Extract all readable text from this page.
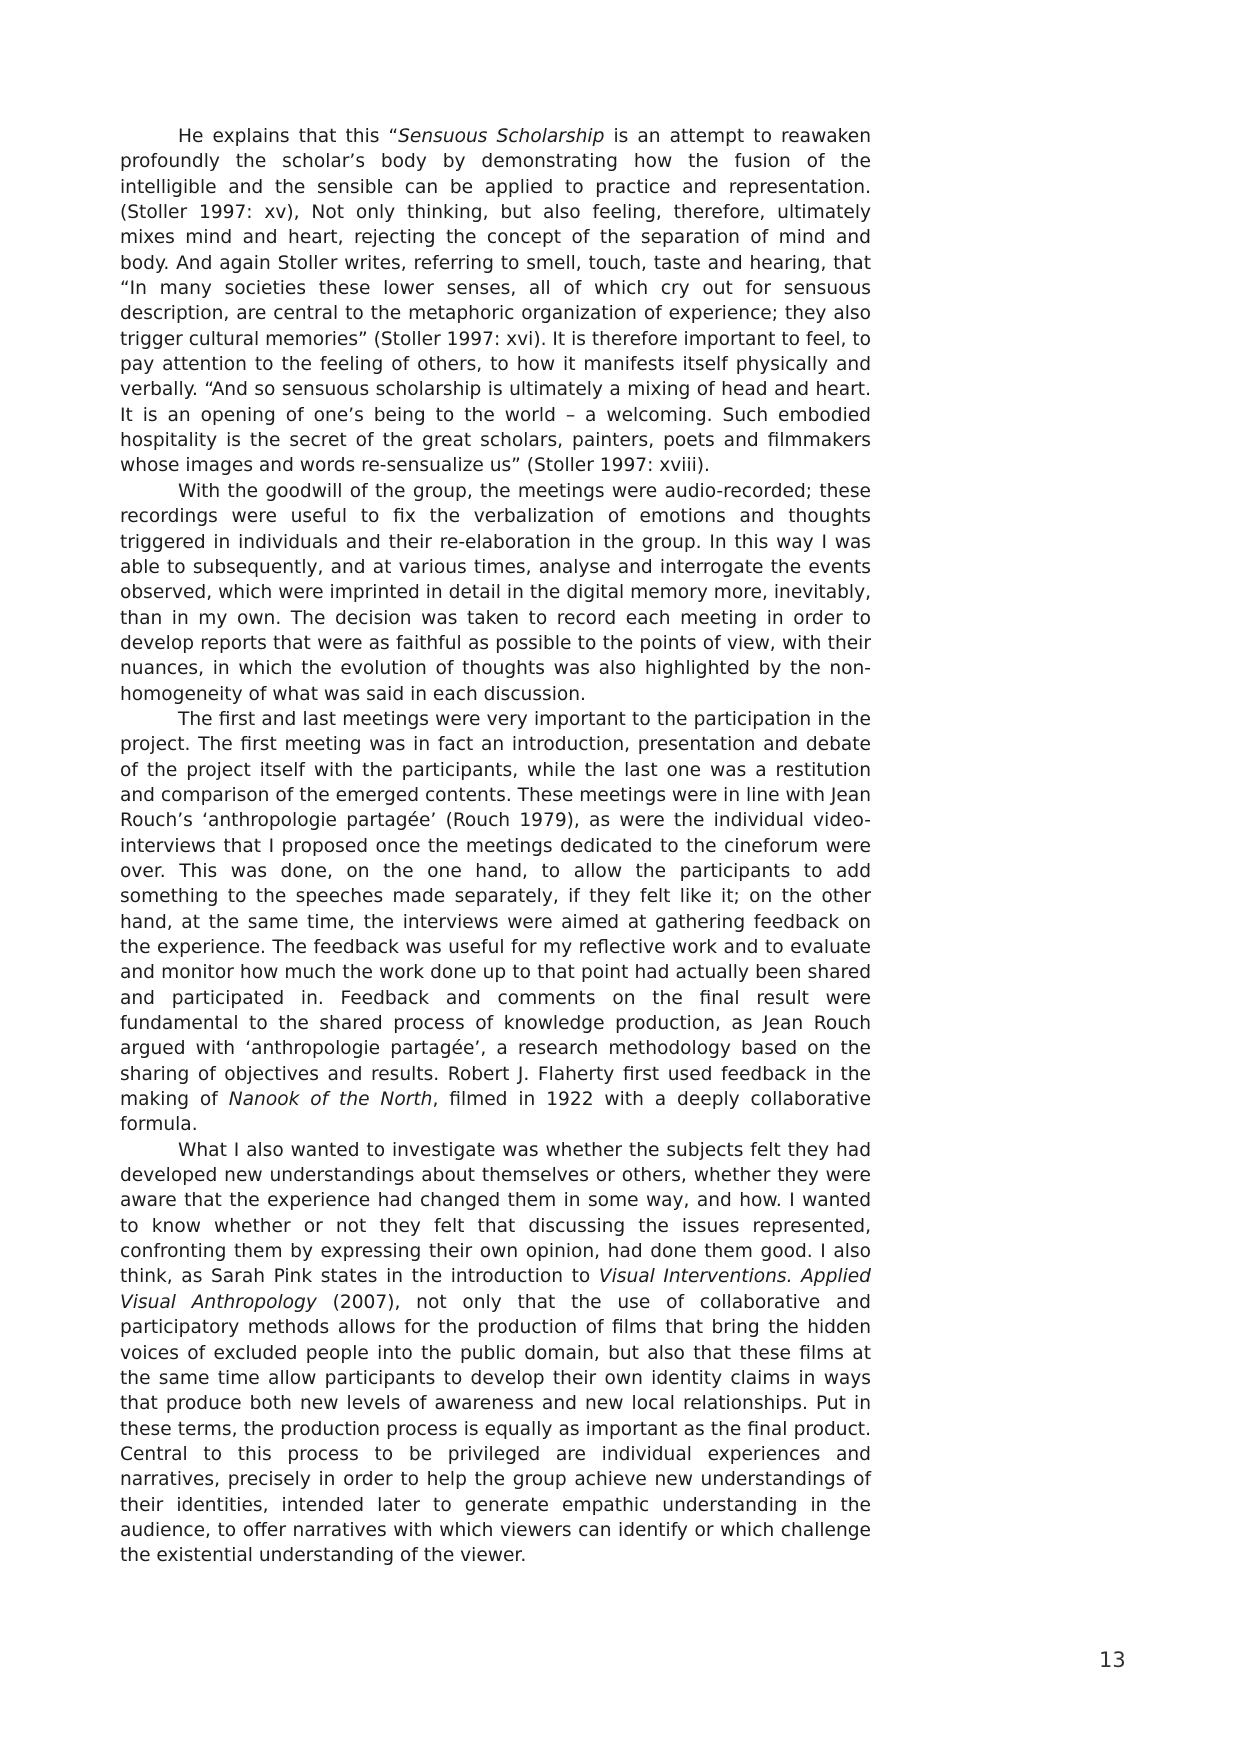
He explains that this “Sensuous Scholarship is an attempt to reawaken profoundly the scholar’s body by demonstrating how the fusion of the intelligible and the sensible can be applied to practice and representation. (Stoller 1997: xv), Not only thinking, but also feeling, therefore, ultimately mixes mind and heart, rejecting the concept of the separation of mind and body. And again Stoller writes, referring to smell, touch, taste and hearing, that “In many societies these lower senses, all of which cry out for sensuous description, are central to the metaphoric organization of experience; they also trigger cultural memories” (Stoller 1997: xvi). It is therefore important to feel, to pay attention to the feeling of others, to how it manifests itself physically and verbally. “And so sensuous scholarship is ultimately a mixing of head and heart. It is an opening of one’s being to the world – a welcoming. Such embodied hospitality is the secret of the great scholars, painters, poets and filmmakers whose images and words re-sensualize us” (Stoller 1997: xviii).

With the goodwill of the group, the meetings were audio-recorded; these recordings were useful to fix the verbalization of emotions and thoughts triggered in individuals and their re-elaboration in the group. In this way I was able to subsequently, and at various times, analyse and interrogate the events observed, which were imprinted in detail in the digital memory more, inevitably, than in my own. The decision was taken to record each meeting in order to develop reports that were as faithful as possible to the points of view, with their nuances, in which the evolution of thoughts was also highlighted by the non-homogeneity of what was said in each discussion.

The first and last meetings were very important to the participation in the project. The first meeting was in fact an introduction, presentation and debate of the project itself with the participants, while the last one was a restitution and comparison of the emerged contents. These meetings were in line with Jean Rouch’s ‘anthropologie partagée’ (Rouch 1979), as were the individual video-interviews that I proposed once the meetings dedicated to the cineforum were over. This was done, on the one hand, to allow the participants to add something to the speeches made separately, if they felt like it; on the other hand, at the same time, the interviews were aimed at gathering feedback on the experience. The feedback was useful for my reflective work and to evaluate and monitor how much the work done up to that point had actually been shared and participated in. Feedback and comments on the final result were fundamental to the shared process of knowledge production, as Jean Rouch argued with ‘anthropologie partagée’, a research methodology based on the sharing of objectives and results. Robert J. Flaherty first used feedback in the making of Nanook of the North, filmed in 1922 with a deeply collaborative formula.

What I also wanted to investigate was whether the subjects felt they had developed new understandings about themselves or others, whether they were aware that the experience had changed them in some way, and how. I wanted to know whether or not they felt that discussing the issues represented, confronting them by expressing their own opinion, had done them good. I also think, as Sarah Pink states in the introduction to Visual Interventions. Applied Visual Anthropology (2007), not only that the use of collaborative and participatory methods allows for the production of films that bring the hidden voices of excluded people into the public domain, but also that these films at the same time allow participants to develop their own identity claims in ways that produce both new levels of awareness and new local relationships. Put in these terms, the production process is equally as important as the final product. Central to this process to be privileged are individual experiences and narratives, precisely in order to help the group achieve new understandings of their identities, intended later to generate empathic understanding in the audience, to offer narratives with which viewers can identify or which challenge the existential understanding of the viewer.

13
